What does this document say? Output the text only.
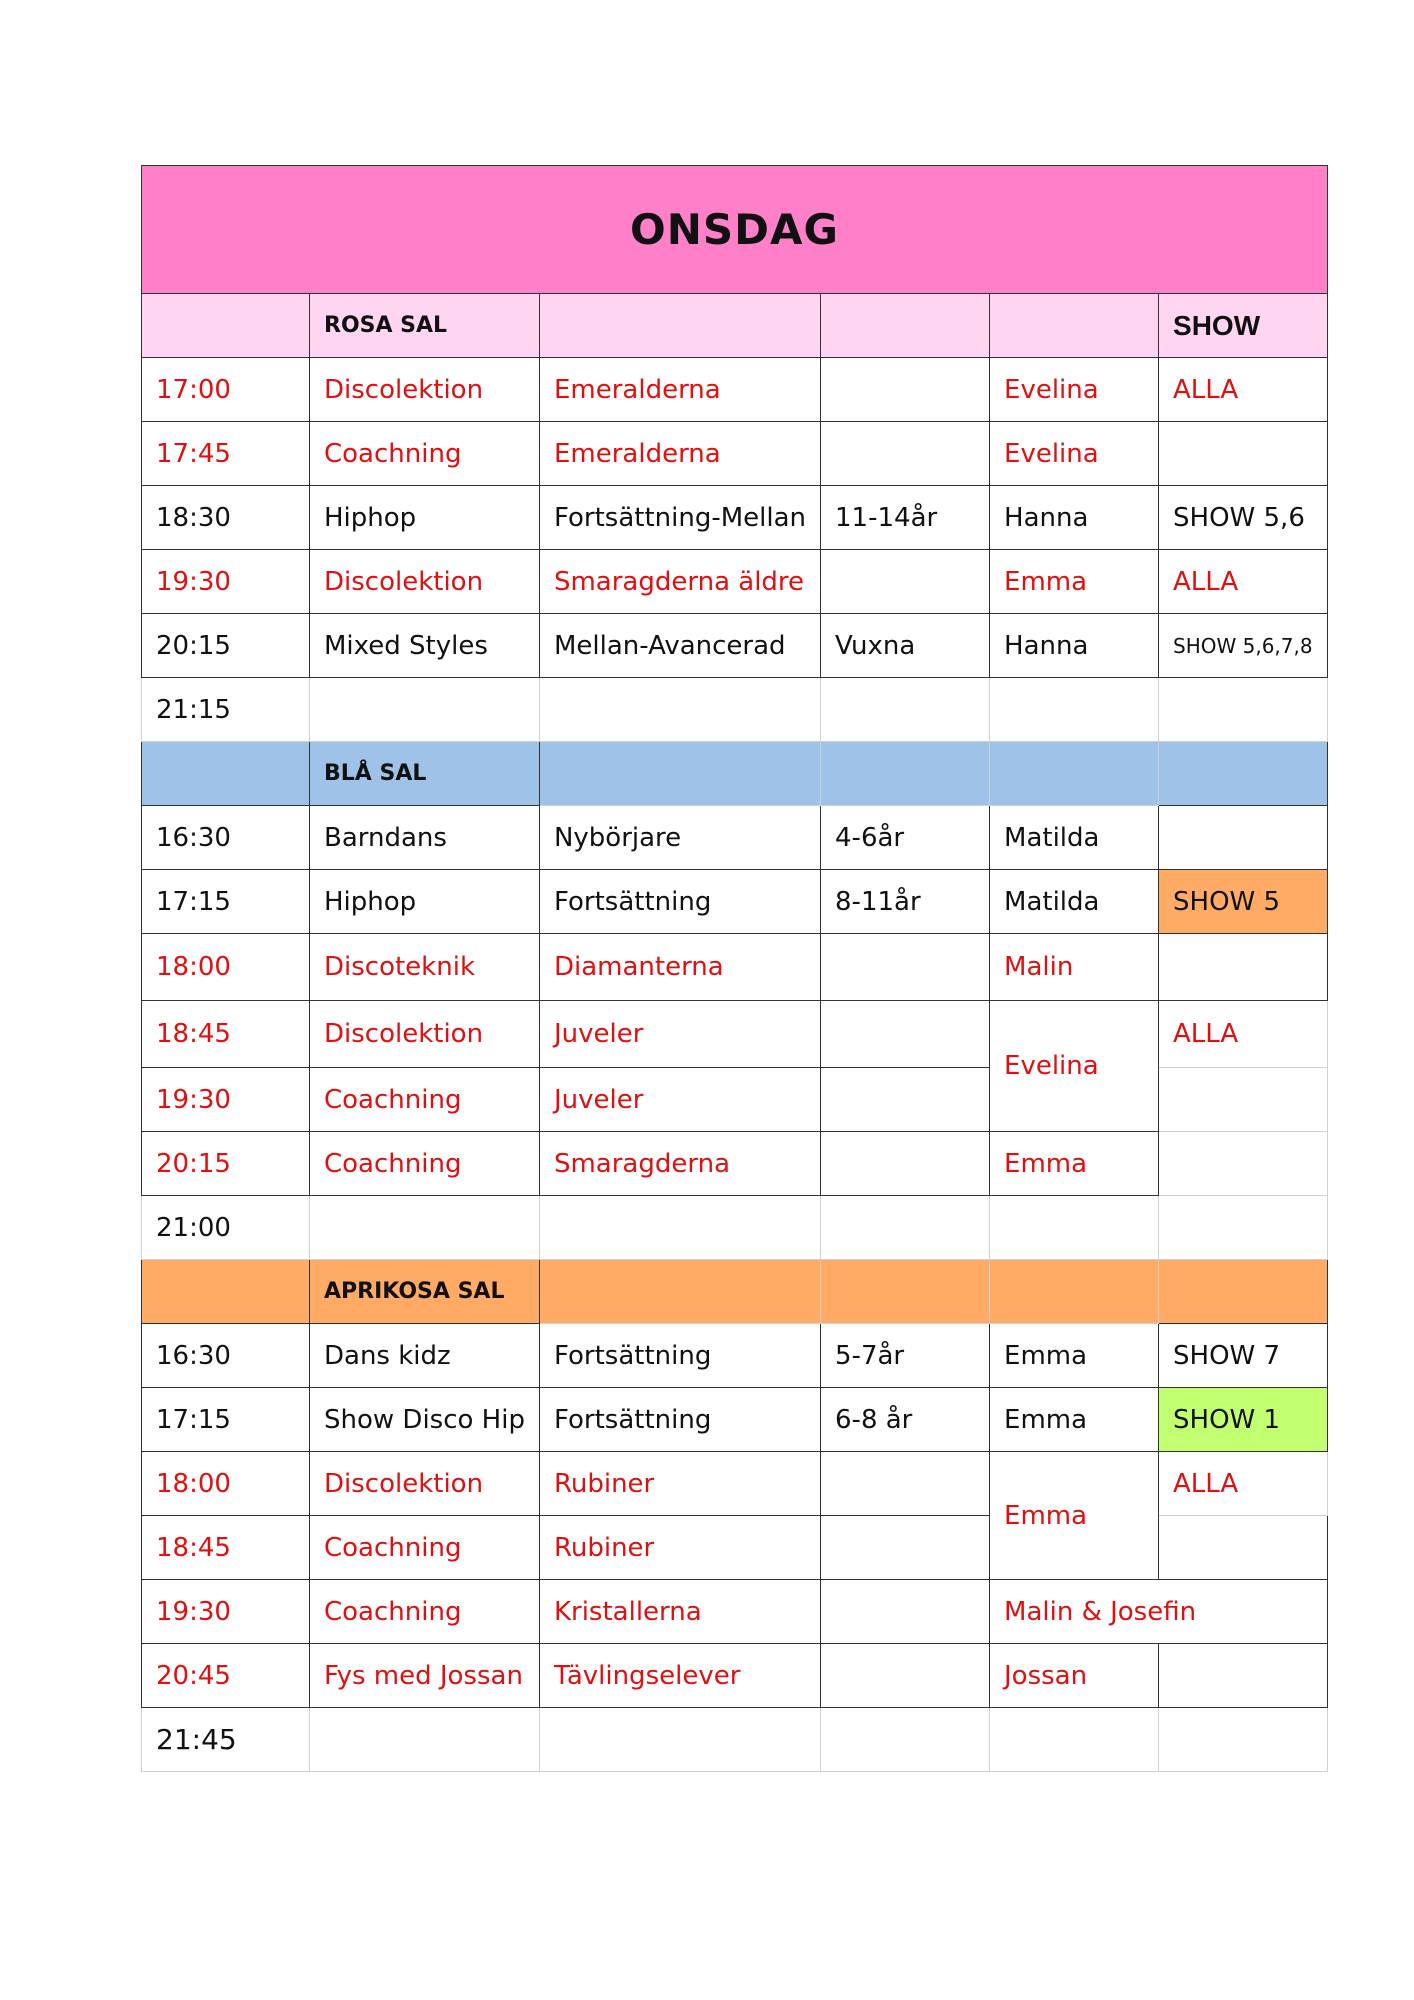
ONSDAG					
	ROSA SAL				SHOW
17:00	Discolektion	Emeralderna		Evelina	ALLA
17:45	Coachning	Emeralderna		Evelina	
18:30	Hiphop	Fortsättning-Mellan	11-14år	Hanna	SHOW 5,6
19:30	Discolektion	Smaragderna äldre		Emma	ALLA
20:15	Mixed Styles	Mellan-Avancerad	Vuxna	Hanna	SHOW 5,6,7,8
21:15					
	BLÅ SAL				
16:30	Barndans	Nybörjare	4-6år	Matilda	
17:15	Hiphop	Fortsättning	8-11år	Matilda	SHOW 5
18:00	Discoteknik	Diamanterna		Malin	
18:45	Discolektion	Juveler		Evelina	ALLA
19:30	Coachning	Juveler			
20:15	Coachning	Smaragderna		Emma	
21:00					
	APRIKOSA SAL				
16:30	Dans kidz	Fortsättning	5-7år	Emma	SHOW 7
17:15	Show Disco Hip	Fortsättning	6-8 år	Emma	SHOW 1
18:00	Discolektion	Rubiner		Emma	ALLA
18:45	Coachning	Rubiner			
19:30	Coachning	Kristallerna		Malin & Josefin	
20:45	Fys med Jossan	Tävlingselever		Jossan	
21:45					
